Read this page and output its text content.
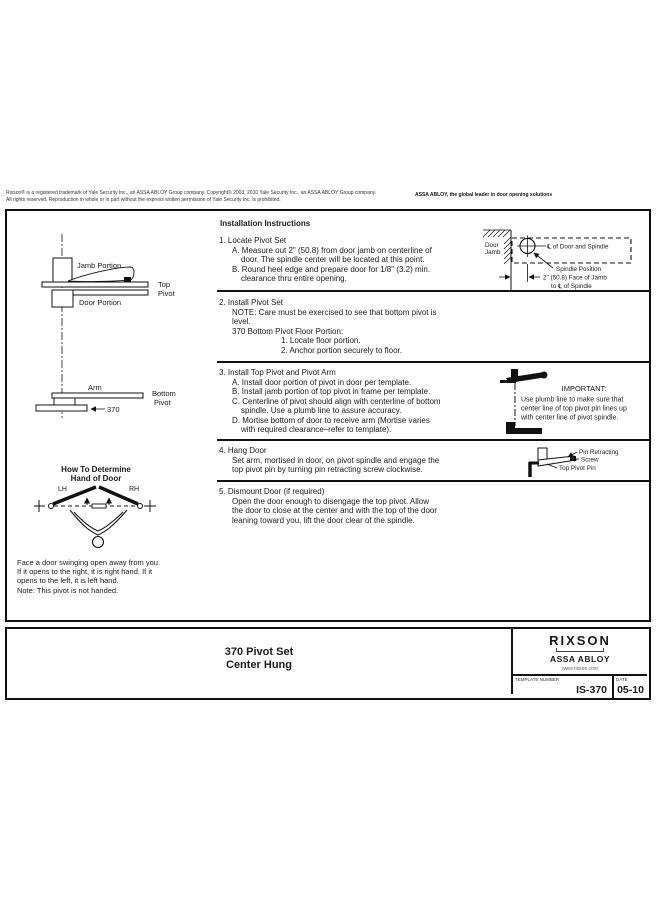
Rixson® is a registered trademark of Yale Security Inc., an ASSA ABLOY Group company. Copyright© 2003, 2010 Yale Security Inc., an ASSA ABLOY Group company.
All rights reserved. Reproduction in whole or in part without the express written permission of Yale Security Inc. is prohibited.
ASSA ABLOY, the global leader in door opening solutions
Jamb Portion
Top
Pivot
Door Portion
Arm
370
Bottom
Pivot
How To Determine
Hand of Door
LH	RH
Face a door swinging open away from you.
If it opens to the right, it is right hand. If it
opens to the left, it is left hand.
Note: This pivot is not handed.
Installation Instructions
1. Locate Pivot Set
A. Measure out 2" (50.8) from door jamb on centerline of
door. The spindle center will be located at this point.
B. Round heel edge and prepare door for 1/8" (3.2) min.
clearance thru entire opening.
2. Install Pivot Set
NOTE: Care must be exercised to see that bottom pivot is
level.
370 Bottom Pivot Floor Portion:
1. Locate floor portion.
2. Anchor portion securely to floor.
3. Install Top Pivot and Pivot Arm
A. Install door portion of pivot in door per template.
B. Install jamb portion of top pivot in frame per template.
C. Centerline of pivot should align with centerline of bottom
spindle. Use a plumb line to assure accuracy.
D. Mortise bottom of door to receive arm (Mortise varies
with required clearance–refer to template).
4. Hang Door
Set arm, mortised in door, on pivot spindle and engage the
top pivot pin by turning pin retracting screw clockwise.
5. Dismount Door (if required)
Open the door enough to disengage the top pivot. Allow
the door to close at the center and with the top of the door
leaning toward you, lift the door clear of the spindle.
Door
Jamb
℄ of Door and Spindle
Spindle Position
2" (50.8) Face of Jamb
to ℄ of Spindle
IMPORTANT:
Use plumb line to make sure that
center line of top pivot pin lines up
with center line of pivot spindle.
Pin Retracting
Screw
Top Pivot Pin
370 Pivot Set
Center Hung
RIXSON
ASSA ABLOY
www.rixson.com
TEMPLATE NUMBER
IS-370
DATE
05-10
